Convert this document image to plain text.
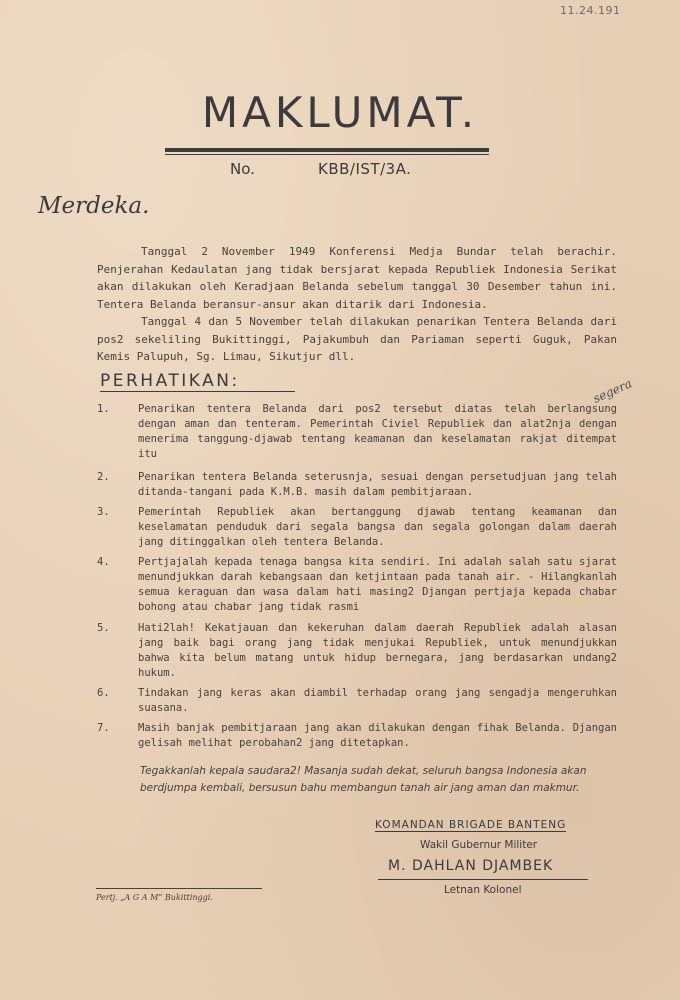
11.24.191
MAKLUMAT.
No.	KBB/IST/3A.
Merdeka.

Tanggal 2 November 1949 Konferensi Medja Bundar telah berachir. Penjerahan Kedaulatan jang tidak bersjarat kepada Republiek Indonesia Serikat akan dilakukan oleh Keradjaan Belanda sebelum tanggal 30 Desember tahun ini. Tentera Belanda beransur-ansur akan ditarik dari Indonesia.

Tanggal 4 dan 5 November telah dilakukan penarikan Tentera Belanda dari pos2 sekeliling Bukittinggi, Pajakumbuh dan Pariaman seperti Guguk, Pakan Kemis Palupuh, Sg. Limau, Sikutjur dll.

PERHATIKAN:	segera
1.	Penarikan tentera Belanda dari pos2 tersebut diatas telah berlangsung dengan aman dan tenteram. Pemerintah Civiel Republiek dan alat2nja dengan menerima tanggung-djawab tentang keamanan dan keselamatan rakjat ditempat itu
2.	Penarikan tentera Belanda seterusnja, sesuai dengan persetudjuan jang telah ditanda-tangani pada K.M.B. masih dalam pembitjaraan.
3.	Pemerintah Republiek akan bertanggung djawab tentang keamanan dan keselamatan penduduk dari segala bangsa dan segala golongan dalam daerah jang ditinggalkan oleh tentera Belanda.
4.	Pertjajalah kepada tenaga bangsa kita sendiri. Ini adalah salah satu sjarat menundjukkan darah kebangsaan dan ketjintaan pada tanah air. - Hilangkanlah semua keraguan dan wasa dalam hati masing2 Djangan pertjaja kepada chabar bohong atau chabar jang tidak rasmi
5.	Hati2lah! Kekatjauan dan kekeruhan dalam daerah Republiek adalah alasan jang baik bagi orang jang tidak menjukai Republiek, untuk menundjukkan bahwa kita belum matang untuk hidup bernegara, jang berdasarkan undang2 hukum.
6.	Tindakan jang keras akan diambil terhadap orang jang sengadja mengeruhkan suasana.
7.	Masih banjak pembitjaraan jang akan dilakukan dengan fihak Belanda. Djangan gelisah melihat perobahan2 jang ditetapkan.
Tegakkanlah kepala saudara2! Masanja sudah dekat, seluruh bangsa Indonesia akan berdjumpa kembali, bersusun bahu membangun tanah air jang aman dan makmur.
KOMANDAN BRIGADE BANTENG
Wakil Gubernur Militer
M. DAHLAN DJAMBEK
Letnan Kolonel
Pertj. „A G A M” Bukittinggi.
